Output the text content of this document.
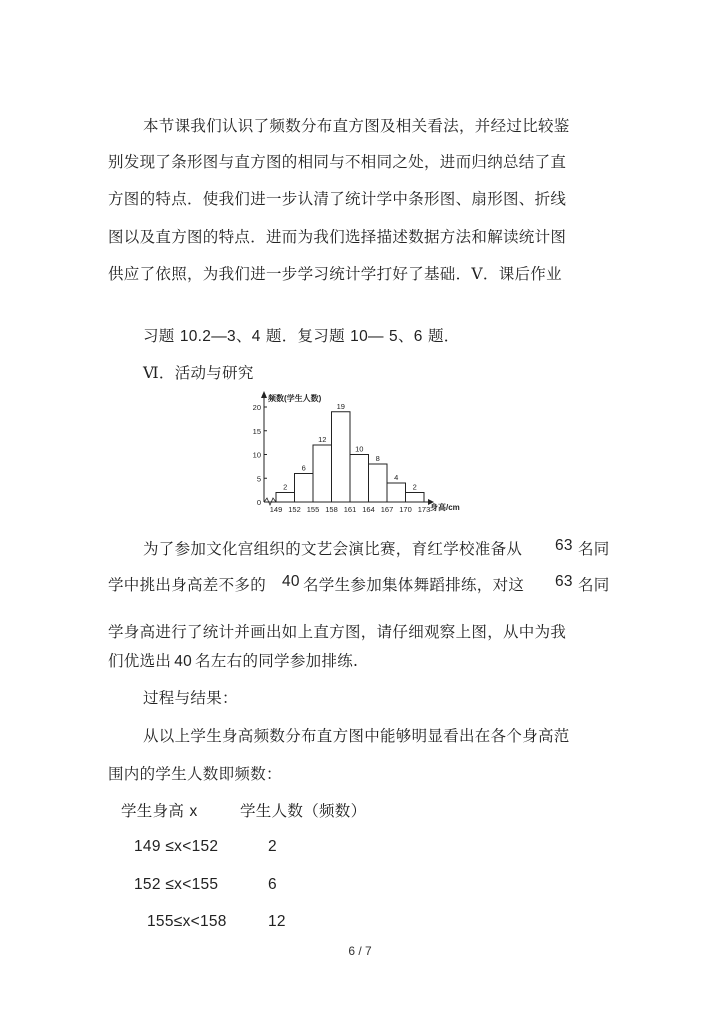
本节课我们认识了频数分布直方图及相关看法，并经过比较鉴
别发现了条形图与直方图的相同与不相同之处，进而归纳总结了直
方图的特点．使我们进一步认清了统计学中条形图、扇形图、折线
图以及直方图的特点．进而为我们选择描述数据方法和解读统计图
供应了依照，为我们进一步学习统计学打好了基础．Ⅴ．课后作业
习题 10.2—3、4 题．复习题 10— 5、6 题．
Ⅵ．活动与研究
0
5
10
15
20
频数(学生人数)
2
6
12
19
10
8
4
2
149 152 155 158 161 164 167 170 173 身高/cm
为了参加文化宫组织的文艺会演比赛，育红学校准备从 63 名同
学中挑出身高差不多的 40 名学生参加集体舞蹈排练，对这 63 名同
学身高进行了统计并画出如上直方图，请仔细观察上图，从中为我
们优选出 40 名左右的同学参加排练.
过程与结果：
从以上学生身高频数分布直方图中能够明显看出在各个身高范
围内的学生人数即频数：
学生身高 x	学生人数（频数）
149 ≤x<152	2
152 ≤x<155	6
155≤x<158	12
6 / 7
